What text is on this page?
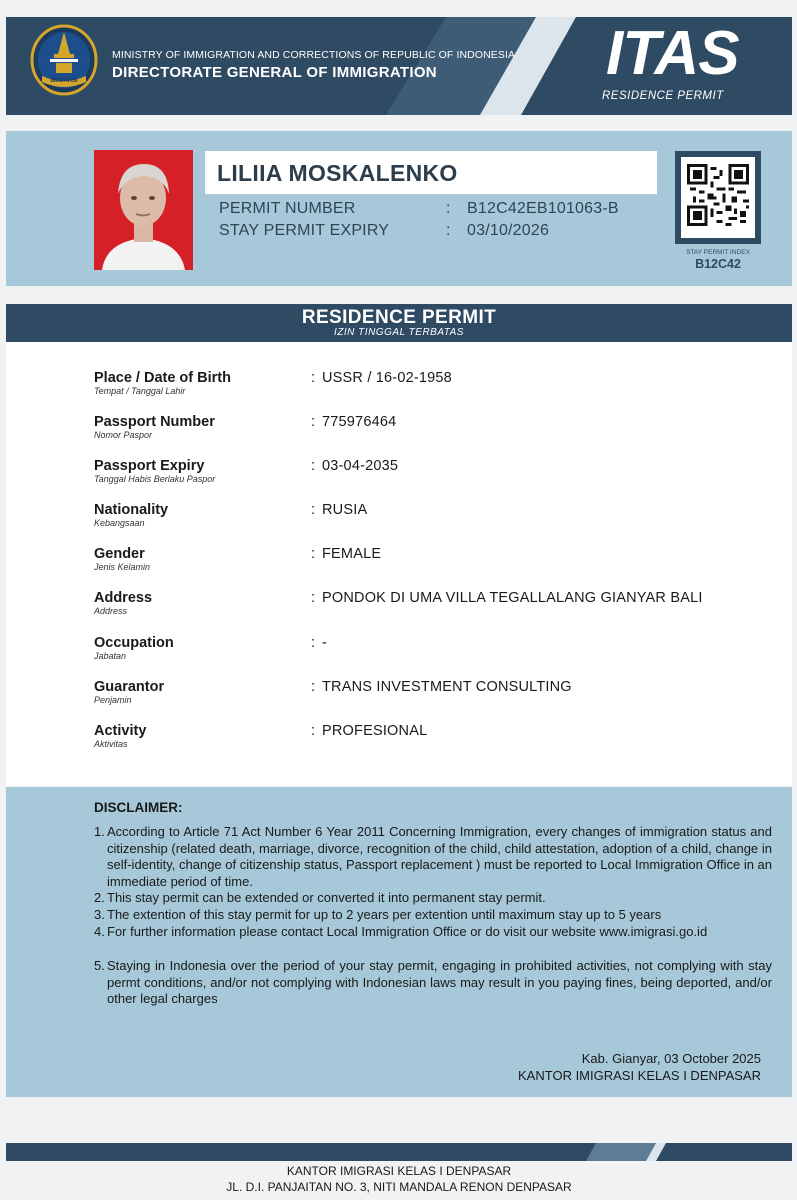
IMIGRASI
MINISTRY OF IMMIGRATION AND CORRECTIONS OF REPUBLIC OF INDONESIA
DIRECTORATE GENERAL OF IMMIGRATION	ITAS
RESIDENCE PERMIT
LILIIA MOSKALENKO
PERMIT NUMBER	: B12C42EB101063-B
STAY PERMIT EXPIRY	: 03/10/2026
STAY PERMIT INDEX
B12C42
RESIDENCE PERMIT
IZIN TINGGAL TERBATAS
Place / Date of Birth
Tempat / Tanggal Lahir
: USSR / 16-02-1958
Passport Number
Nomor Paspor
: 775976464
Passport Expiry
Tanggal Habis Berlaku Paspor
: 03-04-2035
Nationality
Kebangsaan
: RUSIA
Gender
Jenis Kelamin
: FEMALE
Address
Address
: PONDOK DI UMA VILLA TEGALLALANG GIANYAR BALI
Occupation
Jabatan
: -
Guarantor
Penjamin
: TRANS INVESTMENT CONSULTING
Activity
Aktivitas
: PROFESIONAL
DISCLAIMER:
1. According to Article 71 Act Number 6 Year 2011 Concerning Immigration, every changes of immigration status and citizenship (related death, marriage, divorce, recognition of the child, child attestation, adoption of a child, change in self-identity, change of citizenship status, Passport replacement ) must be reported to Local Immigration Office in an immediate period of time.
2. This stay permit can be extended or converted it into permanent stay permit.
3. The extention of this stay permit for up to 2 years per extention until maximum stay up to 5 years
4. For further information please contact Local Immigration Office or do visit our website www.imigrasi.go.id
5. Staying in Indonesia over the period of your stay permit, engaging in prohibited activities, not complying with stay permt conditions, and/or not complying with Indonesian laws may result in you paying fines, being deported, and/or other legal charges
Kab. Gianyar, 03 October 2025
KANTOR IMIGRASI KELAS I DENPASAR
KANTOR IMIGRASI KELAS I DENPASAR
JL. D.I. PANJAITAN NO. 3, NITI MANDALA RENON DENPASAR
